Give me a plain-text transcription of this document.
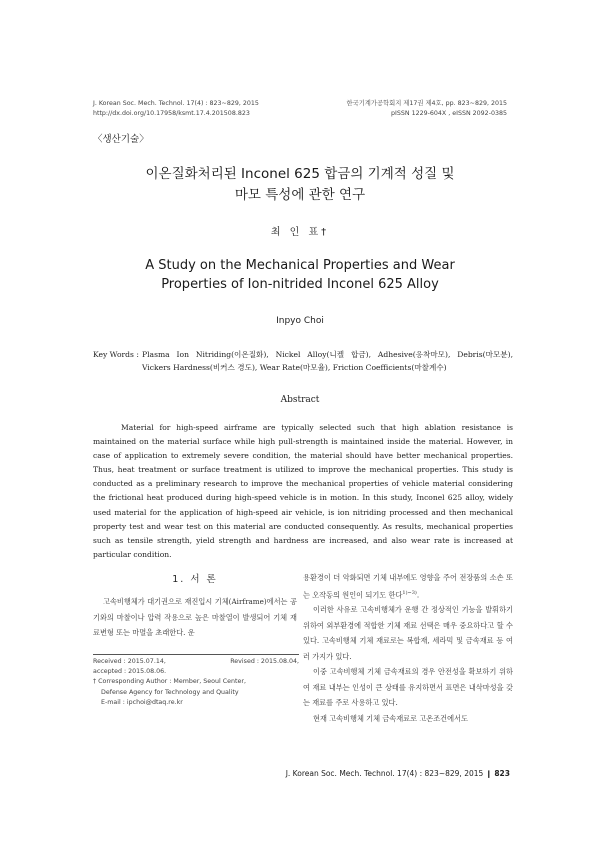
J. Korean Soc. Mech. Technol. 17(4) : 823~829, 2015
http://dx.doi.org/10.17958/ksmt.17.4.201508.823
한국기계가공학회지 제17권 제4호, pp. 823~829, 2015
pISSN 1229-604X , eISSN 2092-0385
〈생산기술〉
이온질화처리된 Inconel 625 합금의 기계적 성질 및
마모 특성에 관한 연구
최 인 표†
A Study on the Mechanical Properties and Wear
Properties of Ion-nitrided Inconel 625 Alloy
Inpyo Choi
Key Words : Plasma Ion Nitriding(이온질화), Nickel Alloy(니켈 합금), Adhesive(응착마모), Debris(마모분), Vickers Hardness(비커스 경도), Wear Rate(마모율), Friction Coefficients(마찰계수)
Abstract
Material for high-speed airframe are typically selected such that high ablation resistance is maintained on the material surface while high pull-strength is maintained inside the material. However, in case of application to extremely severe condition, the material should have better mechanical properties. Thus, heat treatment or surface treatment is utilized to improve the mechanical properties. This study is conducted as a preliminary research to improve the mechanical properties of vehicle material considering the frictional heat produced during high-speed vehicle is in motion. In this study, Inconel 625 alloy, widely used material for the application of high-speed air vehicle, is ion nitriding processed and then mechanical property test and wear test on this material are conducted consequently. As results, mechanical properties such as tensile strength, yield strength and hardness are increased, and also wear rate is increased at particular condition.
1. 서 론

고속비행체가 대기권으로 재진입시 기체(Airframe)에서는 공기와의 마찰이나 압력 작용으로 높은 마찰열이 발생되어 기체 재료변형 또는 마멸을 초래한다. 운

Received : 2015.07.14,	Revised : 2015.08.04,
accepted : 2015.08.06.
† Corresponding Author : Member, Seoul Center,
Defense Agency for Technology and Quality
E-mail : ipchoi@dtaq.re.kr

용환경이 더 악화되면 기체 내부에도 영향을 주어 전장품의 소손 또는 오작동의 원인이 되기도 한다$^{1)\sim 3)}$.

이러한 사유로 고속비행체가 운행 간 정상적인 기능을 발휘하기 위하여 외부환경에 적합한 기체 재료 선택은 매우 중요하다고 할 수 있다. 고속비행체 기체 재료로는 복합재, 세라믹 및 금속재료 등 여러 가지가 있다.

이중 고속비행체 기체 금속재료의 경우 안전성을 확보하기 위하여 재료 내부는 인성이 큰 상태를 유지하면서 표면은 내삭마성을 갖는 재료를 주로 사용하고 있다.

현재 고속비행체 기체 금속재료로 고온조건에서도

J. Korean Soc. Mech. Technol. 17(4) : 823~829, 2015 ❙ 823
